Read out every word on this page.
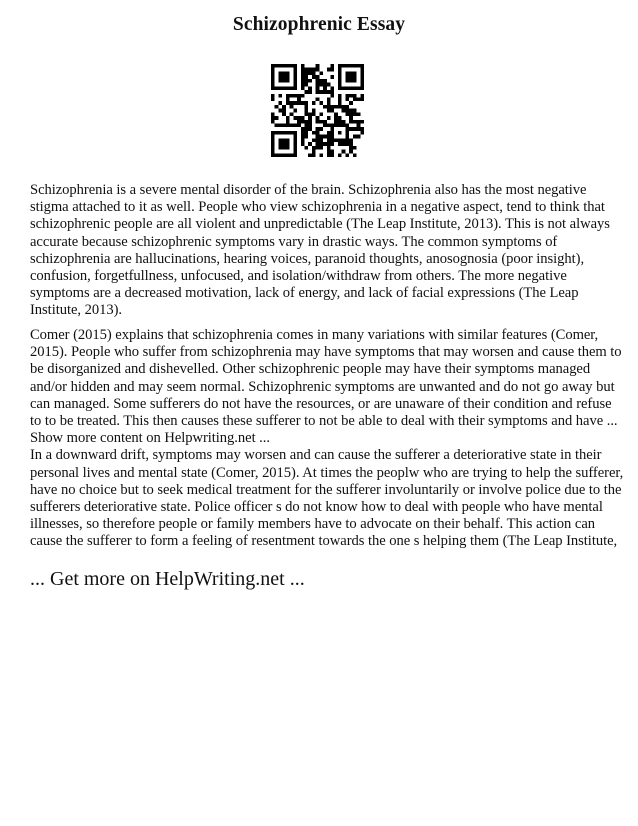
Schizophrenic Essay
Schizophrenia is a severe mental disorder of the brain. Schizophrenia also has the most negative
stigma attached to it as well. People who view schizophrenia in a negative aspect, tend to think that
schizophrenic people are all violent and unpredictable (The Leap Institute, 2013). This is not always
accurate because schizophrenic symptoms vary in drastic ways. The common symptoms of
schizophrenia are hallucinations, hearing voices, paranoid thoughts, anosognosia (poor insight),
confusion, forgetfullness, unfocused, and isolation/withdraw from others. The more negative
symptoms are a decreased motivation, lack of energy, and lack of facial expressions (The Leap
Institute, 2013).
Comer (2015) explains that schizophrenia comes in many variations with similar features (Comer,
2015). People who suffer from schizophrenia may have symptoms that may worsen and cause them to
be disorganized and dishevelled. Other schizophrenic people may have their symptoms managed
and/or hidden and may seem normal. Schizophrenic symptoms are unwanted and do not go away but
can managed. Some sufferers do not have the resources, or are unaware of their condition and refuse
to to be treated. This then causes these sufferer to not be able to deal with their symptoms and have ...
Show more content on Helpwriting.net ...
In a downward drift, symptoms may worsen and can cause the sufferer a deteriorative state in their
personal lives and mental state (Comer, 2015). At times the peoplw who are trying to help the sufferer,
have no choice but to seek medical treatment for the sufferer involuntarily or involve police due to the
sufferers deteriorative state. Police officer s do not know how to deal with people who have mental
illnesses, so therefore people or family members have to advocate on their behalf. This action can
cause the sufferer to form a feeling of resentment towards the one s helping them (The Leap Institute,
... Get more on HelpWriting.net ...
